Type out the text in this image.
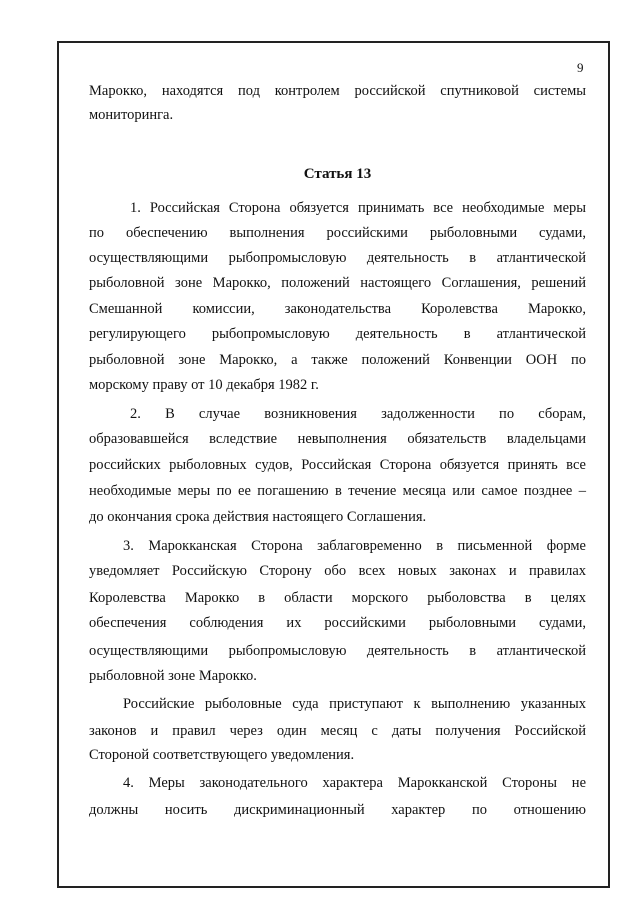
9
Марокко, находятся под контролем российской спутниковой системы
мониторинга.
Статья 13
1. Российская Сторона обязуется принимать все необходимые меры
по обеспечению выполнения российскими рыболовными судами,
осуществляющими рыбопромысловую деятельность в атлантической
рыболовной зоне Марокко, положений настоящего Соглашения, решений
Смешанной комиссии, законодательства Королевства Марокко,
регулирующего рыбопромысловую деятельность в атлантической
рыболовной зоне Марокко, а также положений Конвенции ООН по
морскому праву от 10 декабря 1982 г.
2. В случае возникновения задолженности по сборам,
образовавшейся вследствие невыполнения обязательств владельцами
российских рыболовных судов, Российская Сторона обязуется принять все
необходимые меры по ее погашению в течение месяца или самое позднее –
до окончания срока действия настоящего Соглашения.
3. Марокканская Сторона заблаговременно в письменной форме
уведомляет Российскую Сторону обо всех новых законах и правилах
Королевства Марокко в области морского рыболовства в целях
обеспечения соблюдения их российскими рыболовными судами,
осуществляющими рыбопромысловую деятельность в атлантической
рыболовной зоне Марокко.
Российские рыболовные суда приступают к выполнению указанных
законов и правил через один месяц с даты получения Российской
Стороной соответствующего уведомления.
4. Меры законодательного характера Марокканской Стороны не
должны носить дискриминационный характер по отношению
